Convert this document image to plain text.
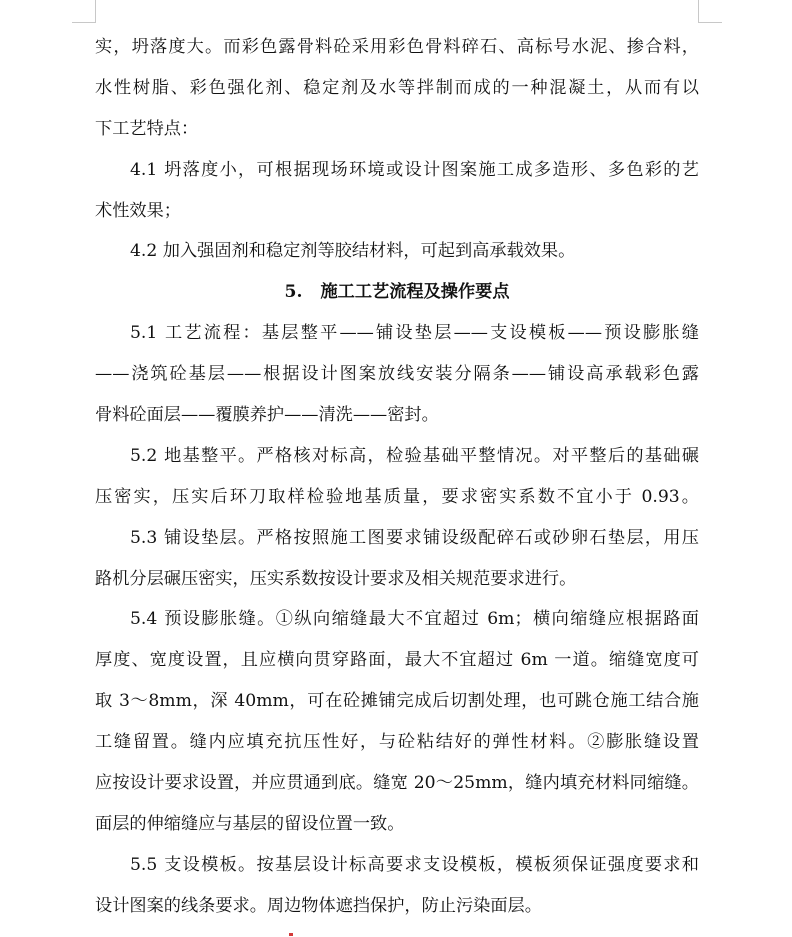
实，坍落度大。而彩色露骨料砼采用彩色骨料碎石、高标号水泥、掺合料，
水性树脂、彩色强化剂、稳定剂及水等拌制而成的一种混凝土，从而有以
下工艺特点：
4.1 坍落度小，可根据现场环境或设计图案施工成多造形、多色彩的艺
术性效果；
4.2 加入强固剂和稳定剂等胶结材料，可起到高承载效果。
5. 施工工艺流程及操作要点
5.1 工艺流程：基层整平——铺设垫层——支设模板——预设膨胀缝
——浇筑砼基层——根据设计图案放线安装分隔条——铺设高承载彩色露
骨料砼面层——覆膜养护——清洗——密封。
5.2 地基整平。严格核对标高，检验基础平整情况。对平整后的基础碾
压密实，压实后环刀取样检验地基质量，要求密实系数不宜小于 0.93。
5.3 铺设垫层。严格按照施工图要求铺设级配碎石或砂卵石垫层，用压
路机分层碾压密实，压实系数按设计要求及相关规范要求进行。
5.4 预设膨胀缝。①纵向缩缝最大不宜超过 6m；横向缩缝应根据路面
厚度、宽度设置，且应横向贯穿路面，最大不宜超过 6m 一道。缩缝宽度可
取 3～8mm，深 40mm，可在砼摊铺完成后切割处理，也可跳仓施工结合施
工缝留置。缝内应填充抗压性好，与砼粘结好的弹性材料。②膨胀缝设置
应按设计要求设置，并应贯通到底。缝宽 20～25mm，缝内填充材料同缩缝。
面层的伸缩缝应与基层的留设位置一致。
5.5 支设模板。按基层设计标高要求支设模板，模板须保证强度要求和
设计图案的线条要求。周边物体遮挡保护，防止污染面层。
